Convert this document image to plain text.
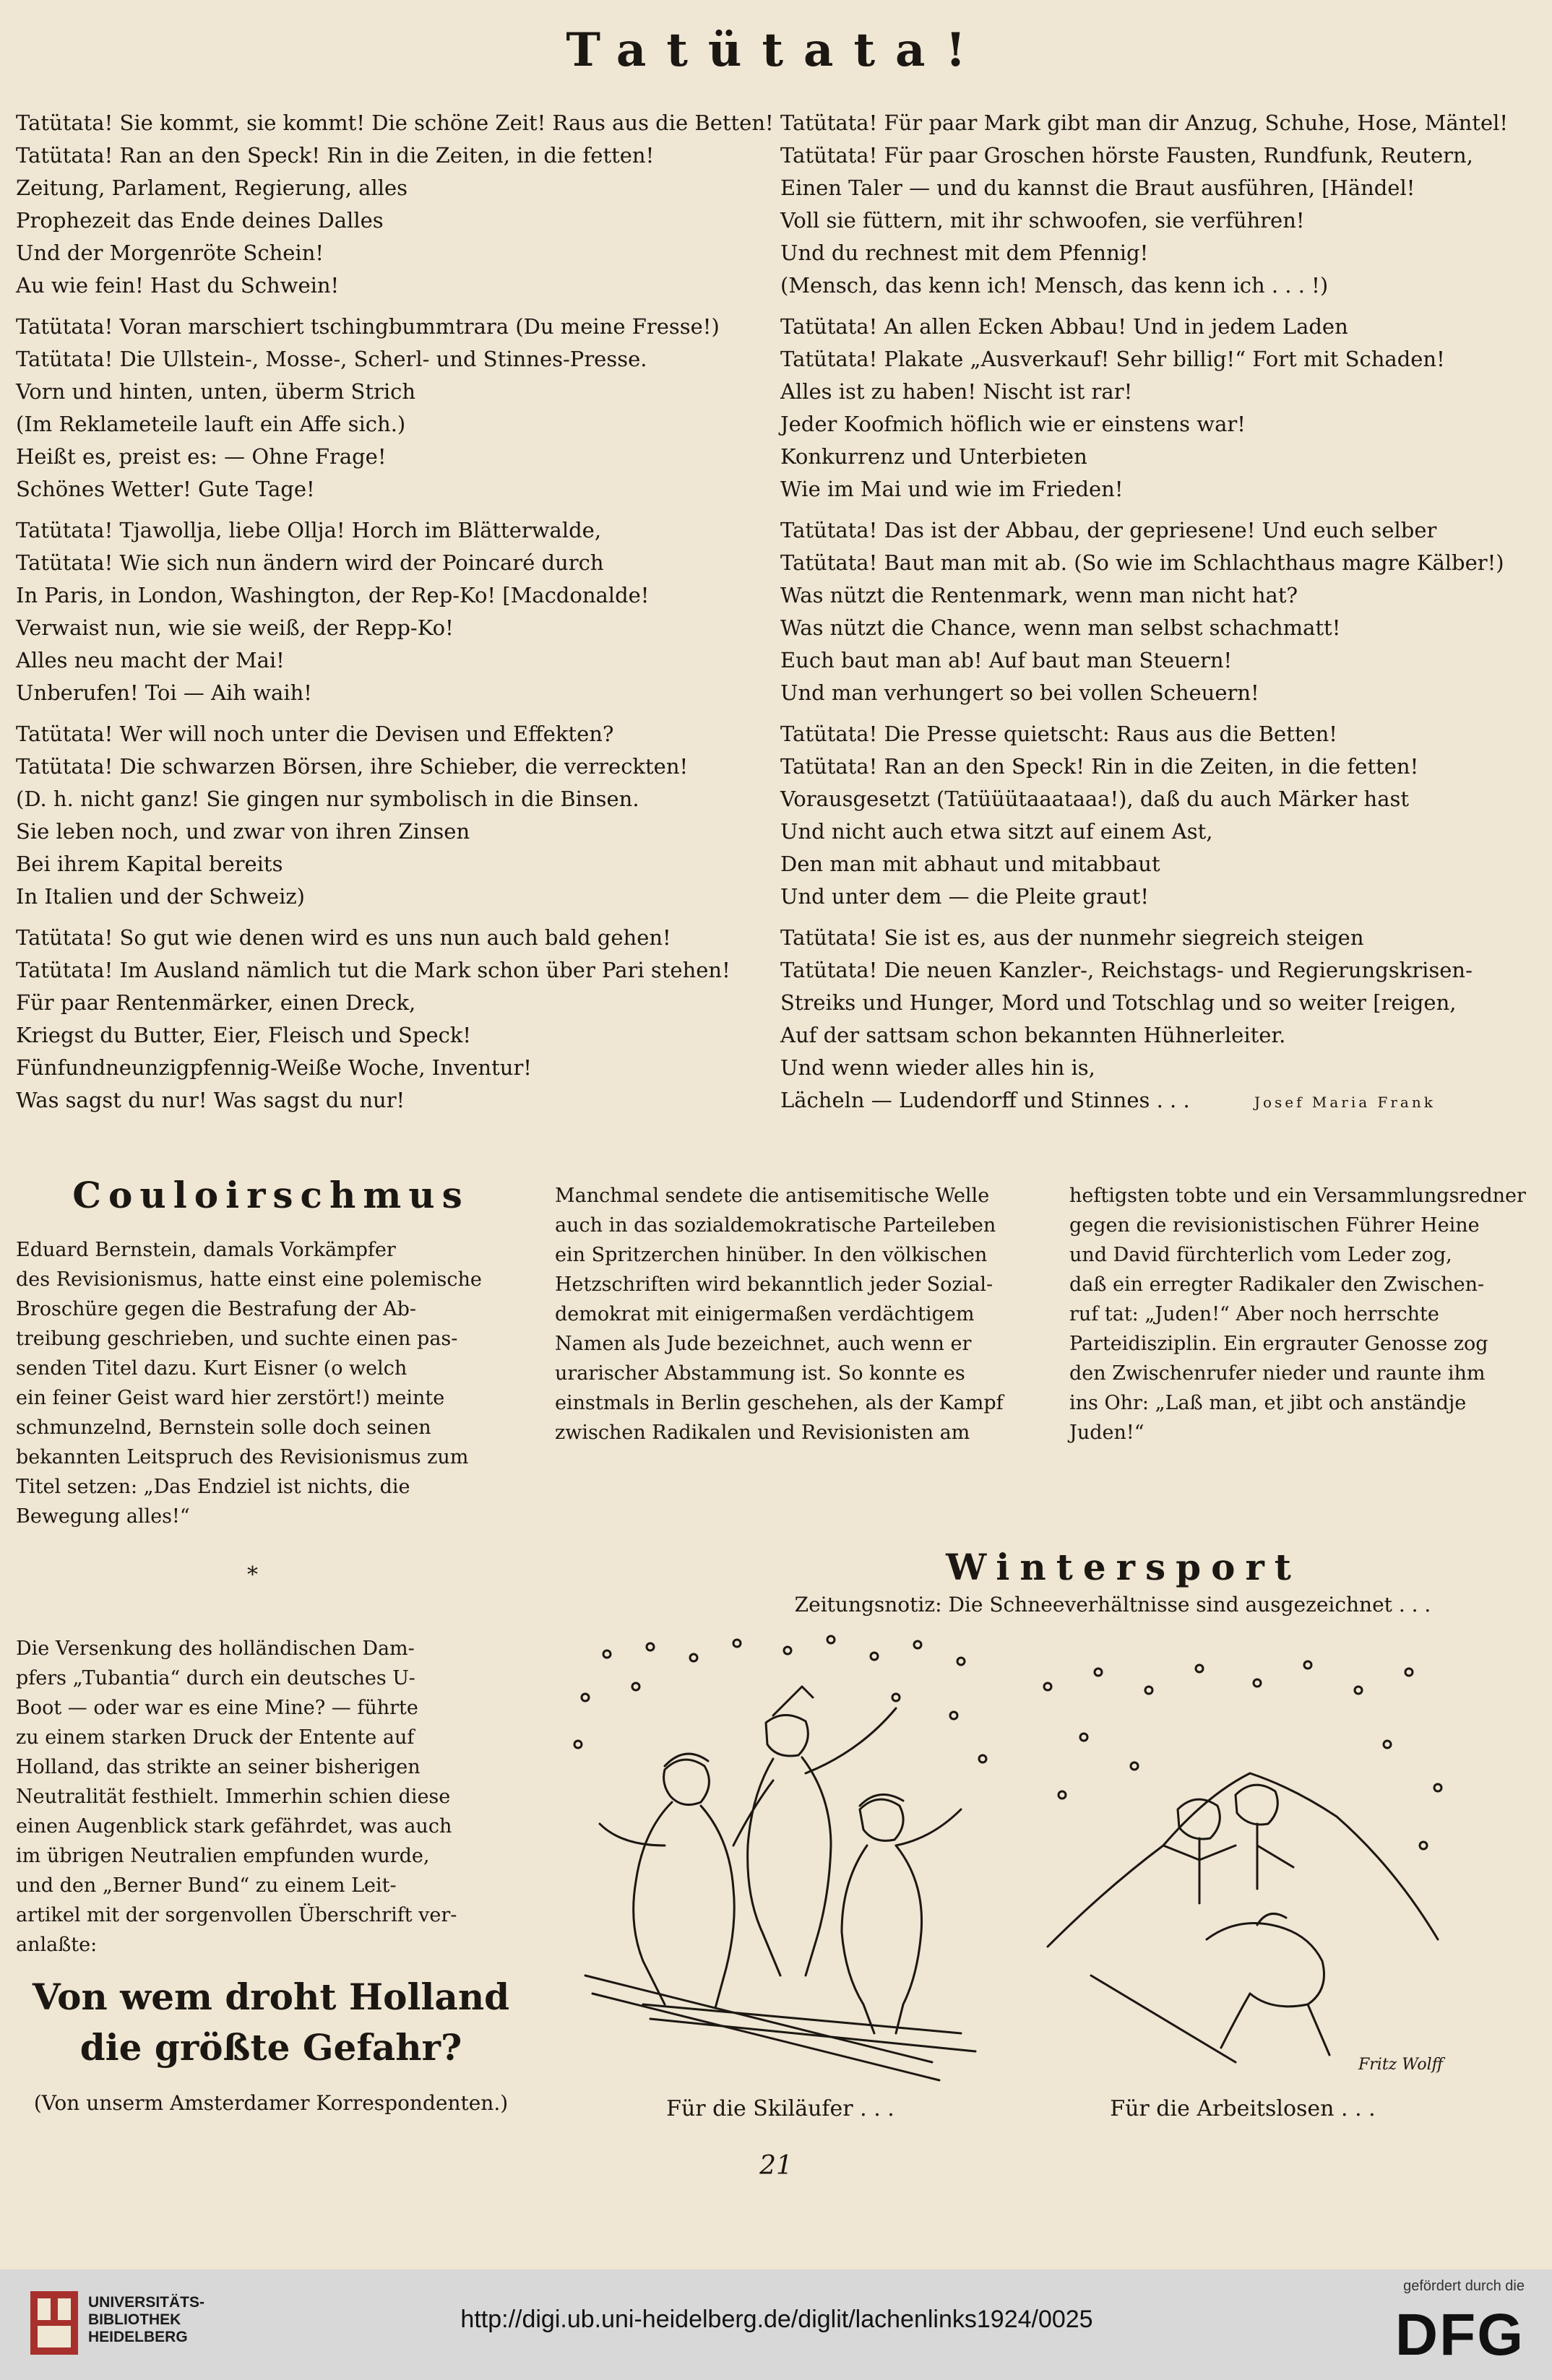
Tatütata!
Tatütata! Sie kommt, sie kommt! Die schöne Zeit! Raus aus die Betten!
Tatütata! Ran an den Speck! Rin in die Zeiten, in die fetten!
Zeitung, Parlament, Regierung, alles
Prophezeit das Ende deines Dalles
Und der Morgenröte Schein!
Au wie fein! Hast du Schwein!
Tatütata! Voran marschiert tschingbummtrara (Du meine Fresse!)
Tatütata! Die Ullstein-, Mosse-, Scherl- und Stinnes-Presse.
Vorn und hinten, unten, überm Strich
(Im Reklameteile lauft ein Affe sich.)
Heißt es, preist es: — Ohne Frage!
Schönes Wetter! Gute Tage!
Tatütata! Tjawollja, liebe Ollja! Horch im Blätterwalde,
Tatütata! Wie sich nun ändern wird der Poincaré durch
In Paris, in London, Washington, der Rep-Ko! [Macdonalde!
Verwaist nun, wie sie weiß, der Repp-Ko!
Alles neu macht der Mai!
Unberufen! Toi — Aih waih!
Tatütata! Wer will noch unter die Devisen und Effekten?
Tatütata! Die schwarzen Börsen, ihre Schieber, die verreckten!
(D. h. nicht ganz! Sie gingen nur symbolisch in die Binsen.
Sie leben noch, und zwar von ihren Zinsen
Bei ihrem Kapital bereits
In Italien und der Schweiz)
Tatütata! So gut wie denen wird es uns nun auch bald gehen!
Tatütata! Im Ausland nämlich tut die Mark schon über Pari stehen!
Für paar Rentenmärker, einen Dreck,
Kriegst du Butter, Eier, Fleisch und Speck!
Fünfundneunzigpfennig-Weiße Woche, Inventur!
Was sagst du nur! Was sagst du nur!
Tatütata! Für paar Mark gibt man dir Anzug, Schuhe, Hose, Mäntel!
Tatütata! Für paar Groschen hörste Fausten, Rundfunk, Reutern,
Einen Taler — und du kannst die Braut ausführen, [Händel!
Voll sie füttern, mit ihr schwoofen, sie verführen!
Und du rechnest mit dem Pfennig!
(Mensch, das kenn ich! Mensch, das kenn ich . . . !)
Tatütata! An allen Ecken Abbau! Und in jedem Laden
Tatütata! Plakate „Ausverkauf! Sehr billig!“ Fort mit Schaden!
Alles ist zu haben! Nischt ist rar!
Jeder Koofmich höflich wie er einstens war!
Konkurrenz und Unterbieten
Wie im Mai und wie im Frieden!
Tatütata! Das ist der Abbau, der gepriesene! Und euch selber
Tatütata! Baut man mit ab. (So wie im Schlachthaus magre Kälber!)
Was nützt die Rentenmark, wenn man nicht hat?
Was nützt die Chance, wenn man selbst schachmatt!
Euch baut man ab! Auf baut man Steuern!
Und man verhungert so bei vollen Scheuern!
Tatütata! Die Presse quietscht: Raus aus die Betten!
Tatütata! Ran an den Speck! Rin in die Zeiten, in die fetten!
Vorausgesetzt (Tatüüütaaataaa!), daß du auch Märker hast
Und nicht auch etwa sitzt auf einem Ast,
Den man mit abhaut und mitabbaut
Und unter dem — die Pleite graut!
Tatütata! Sie ist es, aus der nunmehr siegreich steigen
Tatütata! Die neuen Kanzler-, Reichstags- und Regierungskrisen-
Streiks und Hunger, Mord und Totschlag und so weiter [reigen,
Auf der sattsam schon bekannten Hühnerleiter.
Und wenn wieder alles hin is,
Lächeln — Ludendorff und Stinnes . . .	Josef Maria Frank
Couloirschmus
Eduard Bernstein, damals Vorkämpfer
des Revisionismus, hatte einst eine polemische
Broschüre gegen die Bestrafung der Ab-
treibung geschrieben, und suchte einen pas-
senden Titel dazu. Kurt Eisner (o welch
ein feiner Geist ward hier zerstört!) meinte
schmunzelnd, Bernstein solle doch seinen
bekannten Leitspruch des Revisionismus zum
Titel setzen: „Das Endziel ist nichts, die
Bewegung alles!“
*
Die Versenkung des holländischen Dam-
pfers „Tubantia“ durch ein deutsches U-
Boot — oder war es eine Mine? — führte
zu einem starken Druck der Entente auf
Holland, das strikte an seiner bisherigen
Neutralität festhielt. Immerhin schien diese
einen Augenblick stark gefährdet, was auch
im übrigen Neutralien empfunden wurde,
und den „Berner Bund“ zu einem Leit-
artikel mit der sorgenvollen Überschrift ver-
anlaßte:
Von wem droht Holland
die größte Gefahr?
(Von unserm Amsterdamer Korrespondenten.)
Manchmal sendete die antisemitische Welle
auch in das sozialdemokratische Parteileben
ein Spritzerchen hinüber. In den völkischen
Hetzschriften wird bekanntlich jeder Sozial-
demokrat mit einigermaßen verdächtigem
Namen als Jude bezeichnet, auch wenn er
urarischer Abstammung ist. So konnte es
einstmals in Berlin geschehen, als der Kampf
zwischen Radikalen und Revisionisten am
heftigsten tobte und ein Versammlungsredner
gegen die revisionistischen Führer Heine
und David fürchterlich vom Leder zog,
daß ein erregter Radikaler den Zwischen-
ruf tat: „Juden!“ Aber noch herrschte
Parteidisziplin. Ein ergrauter Genosse zog
den Zwischenrufer nieder und raunte ihm
ins Ohr: „Laß man, et jibt och anständje
Juden!“
Wintersport
Zeitungsnotiz: Die Schneeverhältnisse sind ausgezeichnet . . .
Für die Skiläufer . . .
Fritz Wolff
Für die Arbeitslosen . . .
21
UNIVERSITÄTS-
BIBLIOTHEK
HEIDELBERG
http://digi.ub.uni-heidelberg.de/diglit/lachenlinks1924/0025
gefördert durch die
DFG
